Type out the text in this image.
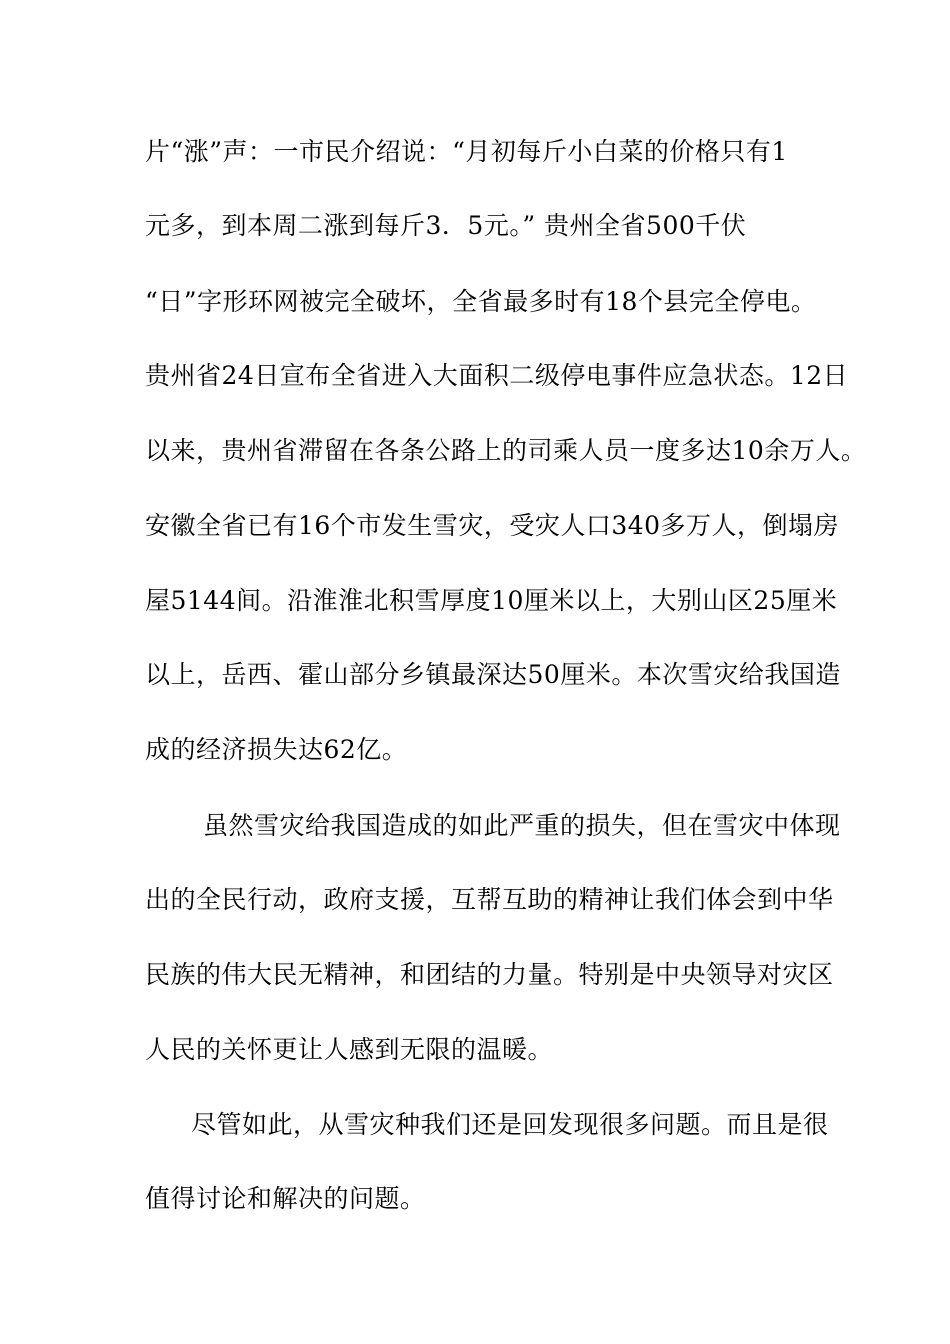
片“涨”声：一市民介绍说：“月初每斤小白菜的价格只有1
元多，到本周二涨到每斤3．5元。” 贵州全省500千伏
“日”字形环网被完全破坏，全省最多时有18个县完全停电。
贵州省24日宣布全省进入大面积二级停电事件应急状态。12日
以来，贵州省滞留在各条公路上的司乘人员一度多达10余万人。
安徽全省已有16个市发生雪灾，受灾人口340多万人，倒塌房
屋5144间。沿淮淮北积雪厚度10厘米以上，大别山区25厘米
以上，岳西、霍山部分乡镇最深达50厘米。本次雪灾给我国造
成的经济损失达62亿。
虽然雪灾给我国造成的如此严重的损失，但在雪灾中体现
出的全民行动，政府支援，互帮互助的精神让我们体会到中华
民族的伟大民无精神，和团结的力量。特别是中央领导对灾区
人民的关怀更让人感到无限的温暖。
尽管如此，从雪灾种我们还是回发现很多问题。而且是很
值得讨论和解决的问题。
